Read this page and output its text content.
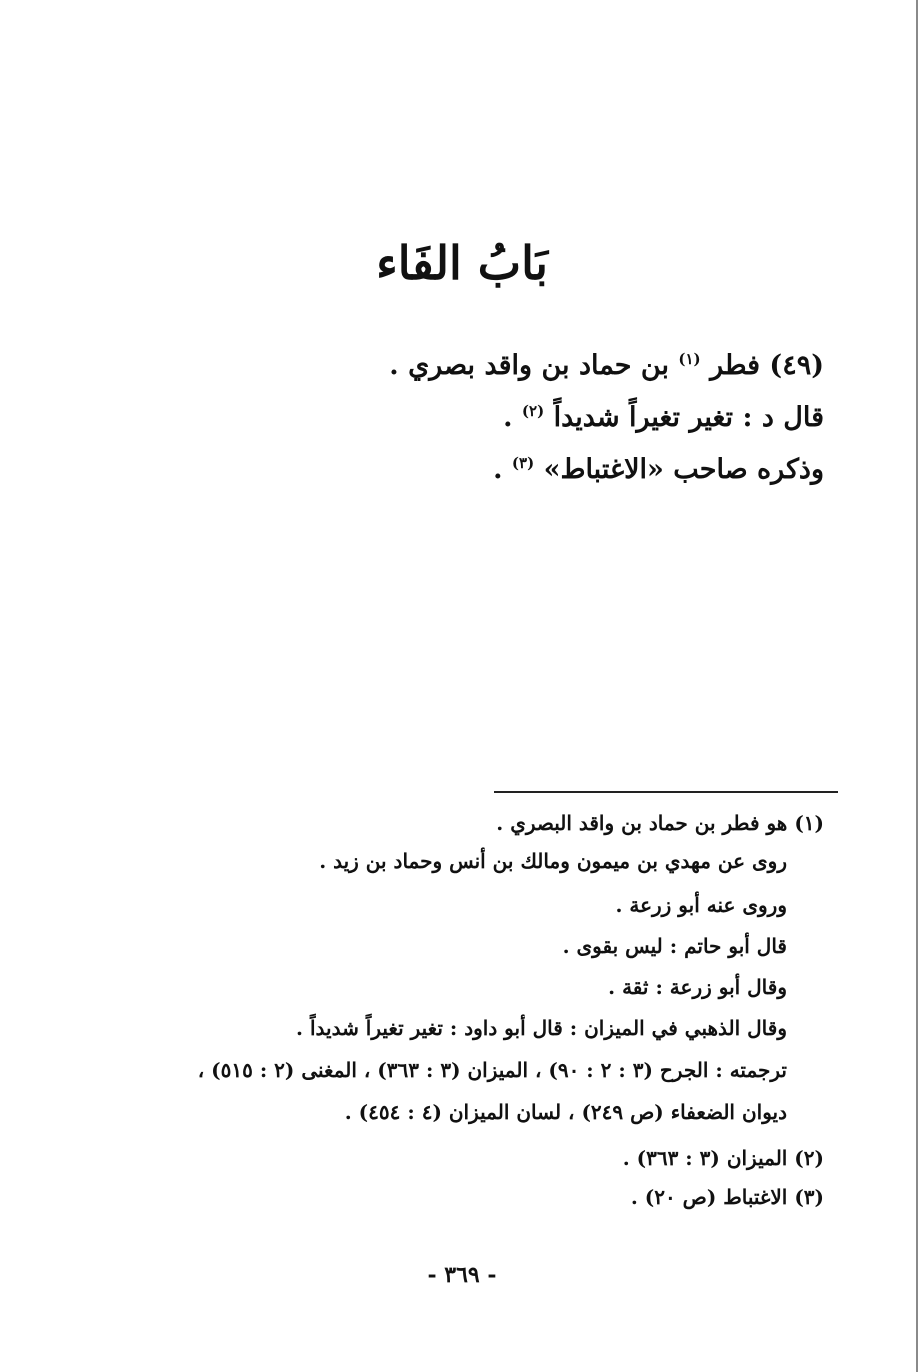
بَابُ الفَاء
(٤٩) فطر $^{(١)}$ بن حماد بن واقد بصري .
قال د : تغير تغيراً شديداً $^{(٢)}$ .
وذكره صاحب «الاغتباط» $^{(٣)}$ .
(١) هو فطر بن حماد بن واقد البصري .
روى عن مهدي بن ميمون ومالك بن أنس وحماد بن زيد .
وروى عنه أبو زرعة .
قال أبو حاتم : ليس بقوى .
وقال أبو زرعة : ثقة .
وقال الذهبي في الميزان : قال أبو داود : تغير تغيراً شديداً .
ترجمته : الجرح (٣ : ٢ : ٩٠) ، الميزان (٣ : ٣٦٣) ، المغنى (٢ : ٥١٥) ،
ديوان الضعفاء (ص ٢٤٩) ، لسان الميزان (٤ : ٤٥٤) .
(٢) الميزان (٣ : ٣٦٣) .
(٣) الاغتباط (ص ٢٠) .
- ٣٦٩ -
